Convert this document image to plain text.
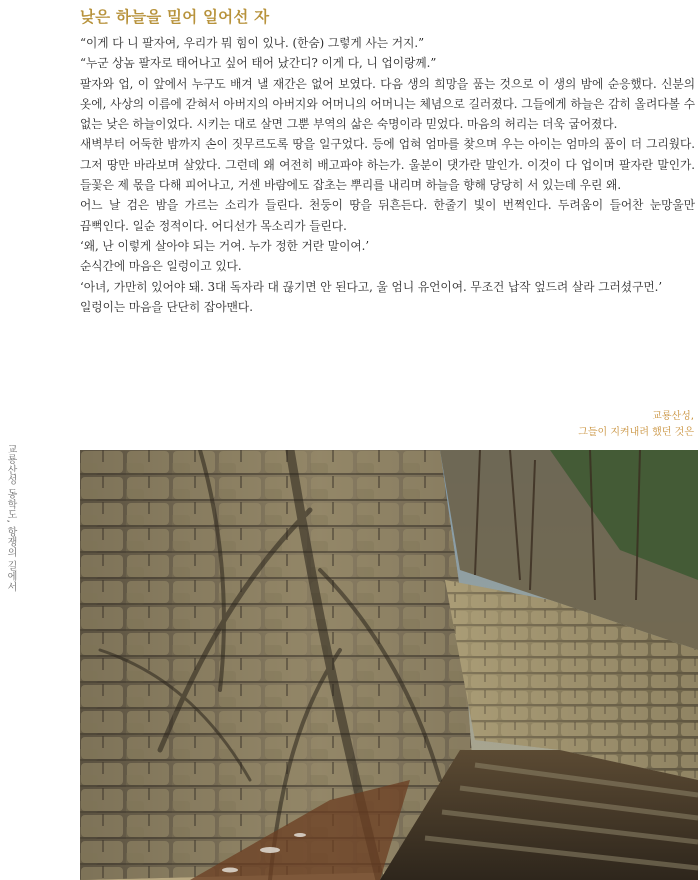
낮은 하늘을 밀어 일어선 자

“이게 다 니 팔자여, 우리가 뭐 힘이 있나. (한숨) 그렇게 사는 거지.”

“누군 상놈 팔자로 태어나고 싶어 태어 났간디? 이게 다, 니 업이랑께.”

팔자와 업, 이 앞에서 누구도 배겨 낼 재간은 없어 보였다. 다음 생의 희망을 품는 것으로 이 생의 밤에 순응했다. 신분의 옷에, 사상의 이름에 갇혀서 아버지의 아버지와 어머니의 어머니는 체념으로 길러졌다. 그들에게 하늘은 감히 올려다볼 수 없는 낮은 하늘이었다. 시키는 대로 살면 그뿐 부역의 삶은 숙명이라 믿었다. 마음의 허리는 더욱 굽어졌다.

새벽부터 어둑한 밤까지 손이 짓무르도록 땅을 일구었다. 등에 업혀 엄마를 찾으며 우는 아이는 엄마의 품이 더 그리웠다. 그저 땅만 바라보며 살았다. 그런데 왜 여전히 배고파야 하는가. 울분이 댓가란 말인가. 이것이 다 업이며 팔자란 말인가. 들꽃은 제 몫을 다해 피어나고, 거센 바람에도 잡초는 뿌리를 내리며 하늘을 향해 당당히 서 있는데 우린 왜.

어느 날 검은 밤을 가르는 소리가 들린다. 천둥이 땅을 뒤흔든다. 한줄기 빛이 번쩍인다. 두려움이 들어찬 눈망울만 끔뻑인다. 일순 정적이다. 어디선가 목소리가 들린다.

‘왜, 난 이렇게 살아야 되는 거여. 누가 정한 거란 말이여.’

순식간에 마음은 일렁이고 있다.

‘아녀, 가만히 있어야 돼. 3대 독자라 대 끊기면 안 된다고, 울 엄니 유언이여. 무조건 납작 엎드려 살라 그러셨구먼.’

일렁이는 마음을 단단히 잡아맨다.

교룡산성,
그들이 지켜내려 했던 것은
교룡산성 동학도, 항쟁의 길에서
